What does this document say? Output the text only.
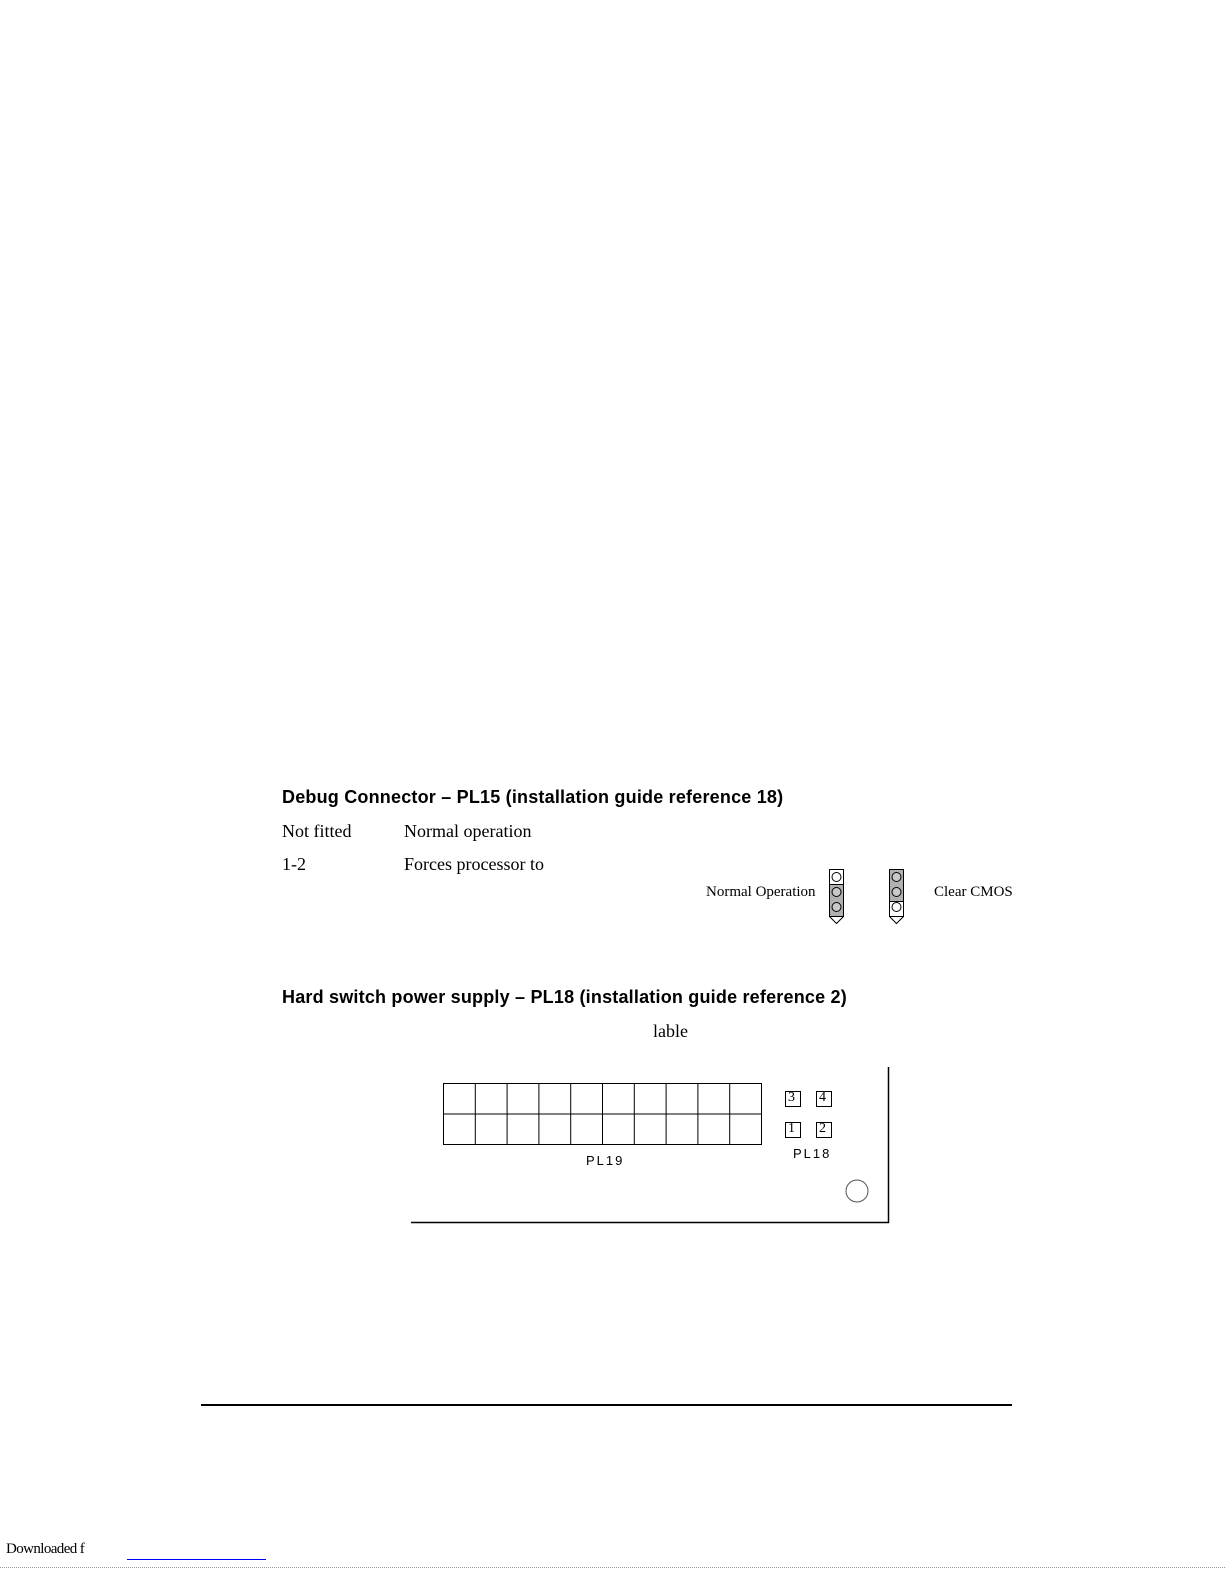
Debug Connector – PL15 (installation guide reference 18)
Not fitted	Normal operation
1-2	Forces processor to
Normal Operation	Clear CMOS
Hard switch power supply – PL18 (installation guide reference 2)
lable
3 4
1 2
PL19	PL18
Downloaded f
